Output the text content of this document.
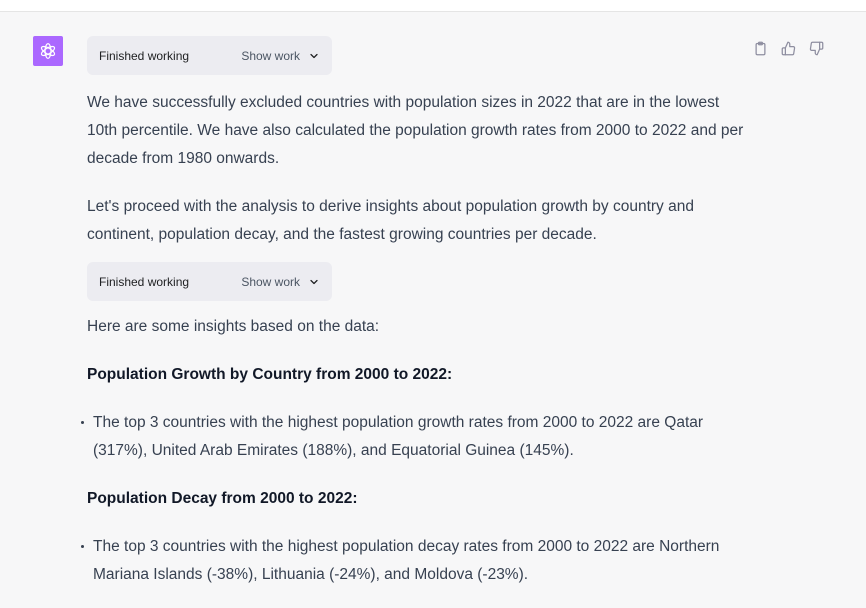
Finished working	Show work

We have successfully excluded countries with population sizes in 2022 that are in the lowest 10th percentile. We have also calculated the population growth rates from 2000 to 2022 and per decade from 1980 onwards.

Let's proceed with the analysis to derive insights about population growth by country and continent, population decay, and the fastest growing countries per decade.

Finished working	Show work

Here are some insights based on the data:

Population Growth by Country from 2000 to 2022:

The top 3 countries with the highest population growth rates from 2000 to 2022 are Qatar (317%), United Arab Emirates (188%), and Equatorial Guinea (145%).

Population Decay from 2000 to 2022:

The top 3 countries with the highest population decay rates from 2000 to 2022 are Northern Mariana Islands (-38%), Lithuania (-24%), and Moldova (-23%).
